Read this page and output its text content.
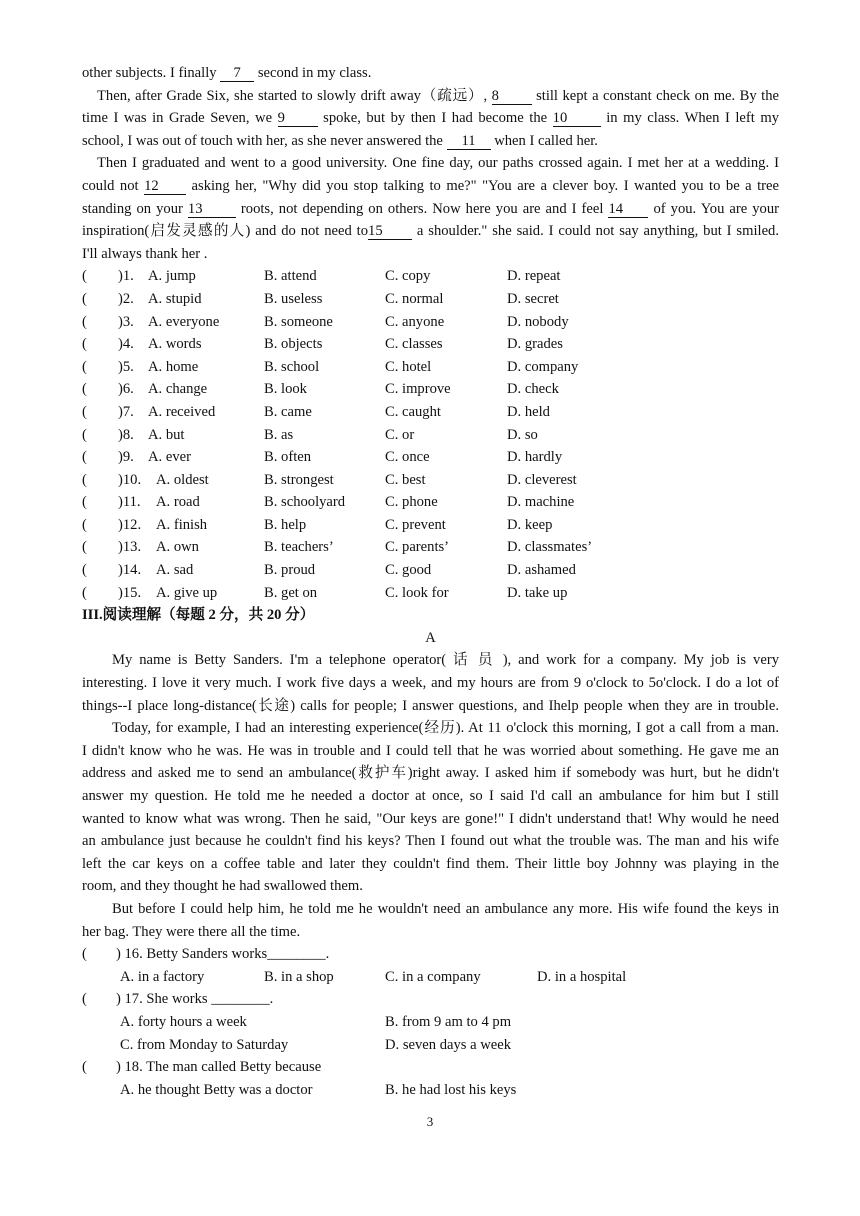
other subjects. I finally 7 second in my class.
Then, after Grade Six, she started to slowly drift away（疏远）, 8 still kept a constant check on me. By the
time I was in Grade Seven, we 9 spoke, but by then I had become the 10 in my class. When I left my
school, I was out of touch with her, as she never answered the 11 when I called her.
Then I graduated and went to a good university. One fine day, our paths crossed again. I met her at a wedding. I
could not 12 asking her, "Why did you stop talking to me?" "You are a clever boy. I wanted you to be a tree
standing on your 13 roots, not depending on others. Now here you are and I feel 14 of you. You are your
inspiration(启发灵感的人) and do not need to15 a shoulder." she said. I could not say anything, but I smiled.
I'll always thank her .
( )1. A. jump	B. attend	C. copy	D. repeat
( )2. A. stupid	B. useless	C. normal	D. secret
( )3. A. everyone	B. someone	C. anyone	D. nobody
( )4. A. words	B. objects	C. classes	D. grades
( )5. A. home	B. school	C. hotel	D. company
( )6. A. change	B. look	C. improve	D. check
( )7. A. received	B. came	C. caught	D. held
( )8. A. but	B. as	C. or	D. so
( )9. A. ever	B. often	C. once	D. hardly
( )10. A. oldest	B. strongest	C. best	D. cleverest
( )11. A. road	B. schoolyard	C. phone	D. machine
( )12. A. finish	B. help	C. prevent	D. keep
( )13. A. own	B. teachers’	C. parents’	D. classmates’
( )14. A. sad	B. proud	C. good	D. ashamed
( )15. A. give up	B. get on	C. look for	D. take up
III.阅读理解（每题 2 分，共 20 分）
A
My name is Betty Sanders. I'm a telephone operator( 话 员 ), and work for a company. My job is very
interesting. I love it very much. I work five days a week, and my hours are from 9 o'clock to 5o'clock. I do a lot of
things--I place long-distance(长途) calls for people; I answer questions, and Ihelp people when they are in trouble.
Today, for example, I had an interesting experience(经历). At 11 o'clock this morning, I got a call from a man.
I didn't know who he was. He was in trouble and I could tell that he was worried about something. He gave me an
address and asked me to send an ambulance(救护车)right away. I asked him if somebody was hurt, but he didn't
answer my question. He told me he needed a doctor at once, so I said I'd call an ambulance for him but I still
wanted to know what was wrong. Then he said, "Our keys are gone!" I didn't understand that! Why would he need
an ambulance just because he couldn't find his keys? Then I found out what the trouble was. The man and his wife
left the car keys on a coffee table and later they couldn't find them. Their little boy Johnny was playing in the
room, and they thought he had swallowed them.
But before I could help him, he told me he wouldn't need an ambulance any more. His wife found the keys in
her bag. They were there all the time.
( ) 16. Betty Sanders works________.
A. in a factory	B. in a shop	C. in a company	D. in a hospital
( ) 17. She works ________.
A. forty hours a week	B. from 9 am to 4 pm
C. from Monday to Saturday	D. seven days a week
( ) 18. The man called Betty because
A. he thought Betty was a doctor	B. he had lost his keys
3
